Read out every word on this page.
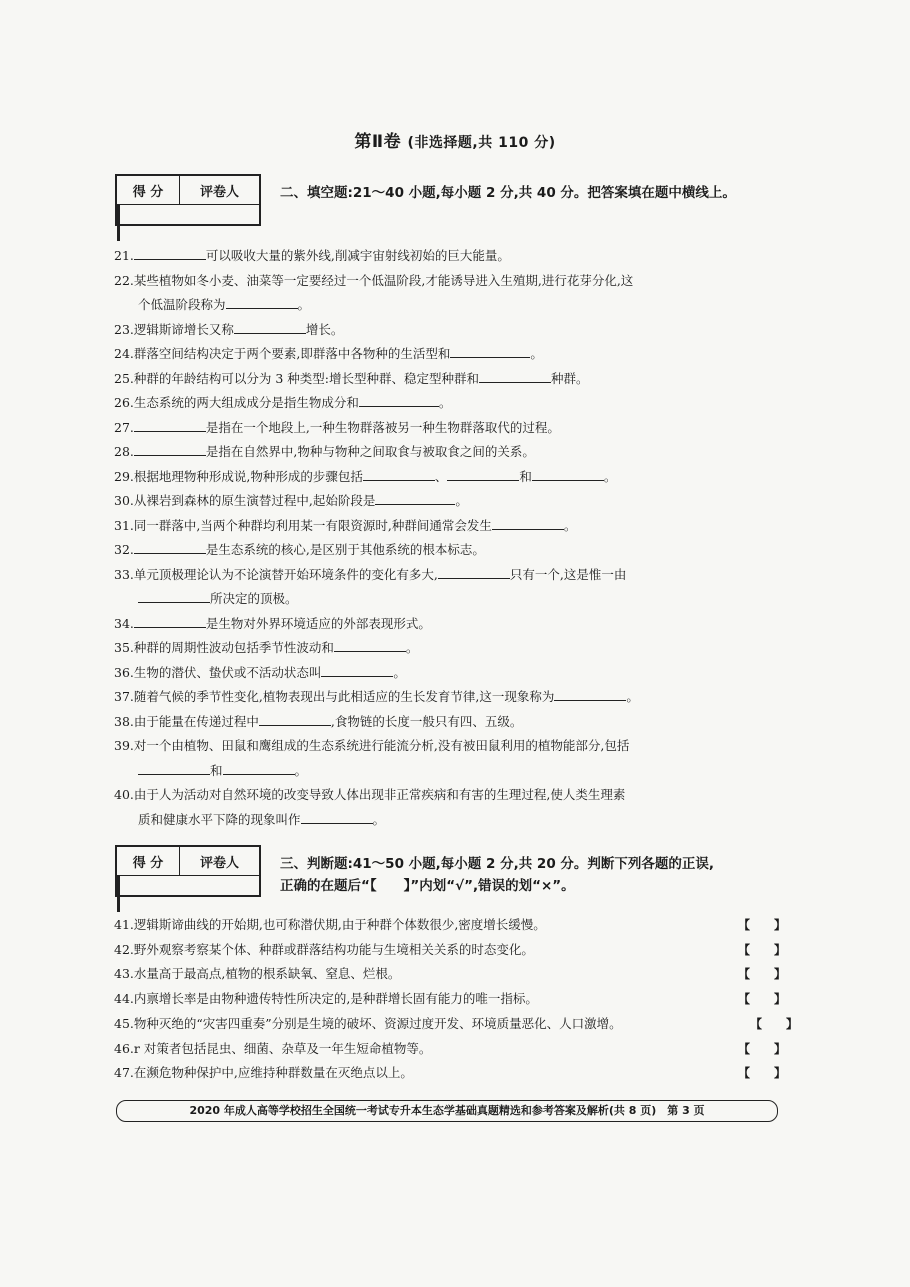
第Ⅱ卷 (非选择题,共 110 分)
得 分	评卷人
		二、填空题:21～40 小题,每小题 2 分,共 40 分。把答案填在题中横线上。
21.	可以吸收大量的紫外线,削减宇宙射线初始的巨大能量。
22.某些植物如冬小麦、油菜等一定要经过一个低温阶段,才能诱导进入生殖期,进行花芽分化,这
个低温阶段称为	。
23.逻辑斯谛增长又称	增长。
24.群落空间结构决定于两个要素,即群落中各物种的生活型和	。
25.种群的年龄结构可以分为 3 种类型:增长型种群、稳定型种群和	种群。
26.生态系统的两大组成成分是指生物成分和	。
27.	是指在一个地段上,一种生物群落被另一种生物群落取代的过程。
28.	是指在自然界中,物种与物种之间取食与被取食之间的关系。
29.根据地理物种形成说,物种形成的步骤包括	、	和	。
30.从裸岩到森林的原生演替过程中,起始阶段是	。
31.同一群落中,当两个种群均利用某一有限资源时,种群间通常会发生	。
32.	是生态系统的核心,是区别于其他系统的根本标志。
33.单元顶极理论认为不论演替开始环境条件的变化有多大,	只有一个,这是惟一由
所决定的顶极。
34.	是生物对外界环境适应的外部表现形式。
35.种群的周期性波动包括季节性波动和	。
36.生物的潜伏、蛰伏或不活动状态叫	。
37.随着气候的季节性变化,植物表现出与此相适应的生长发育节律,这一现象称为	。
38.由于能量在传递过程中	,食物链的长度一般只有四、五级。
39.对一个由植物、田鼠和鹰组成的生态系统进行能流分析,没有被田鼠利用的植物能部分,包括
和	。
40.由于人为活动对自然环境的改变导致人体出现非正常疾病和有害的生理过程,使人类生理素
质和健康水平下降的现象叫作	。
得 分	评卷人
		三、判断题:41～50 小题,每小题 2 分,共 20 分。判断下列各题的正误,
正确的在题后“【　　】”内划“√”,错误的划“×”。
41.逻辑斯谛曲线的开始期,也可称潜伏期,由于种群个体数很少,密度增长缓慢。	【　　】
42.野外观察考察某个体、种群或群落结构功能与生境相关关系的时态变化。	【　　】
43.水量高于最高点,植物的根系缺氧、窒息、烂根。	【　　】
44.内禀增长率是由物种遗传特性所决定的,是种群增长固有能力的唯一指标。	【　　】
45.物种灭绝的“灾害四重奏”分别是生境的破坏、资源过度开发、环境质量恶化、人口激增。	【　　】
46.r 对策者包括昆虫、细菌、杂草及一年生短命植物等。	【　　】
47.在濒危物种保护中,应维持种群数量在灭绝点以上。	【　　】
2020 年成人高等学校招生全国统一考试专升本生态学基础真题精选和参考答案及解析(共 8 页)　第 3 页
